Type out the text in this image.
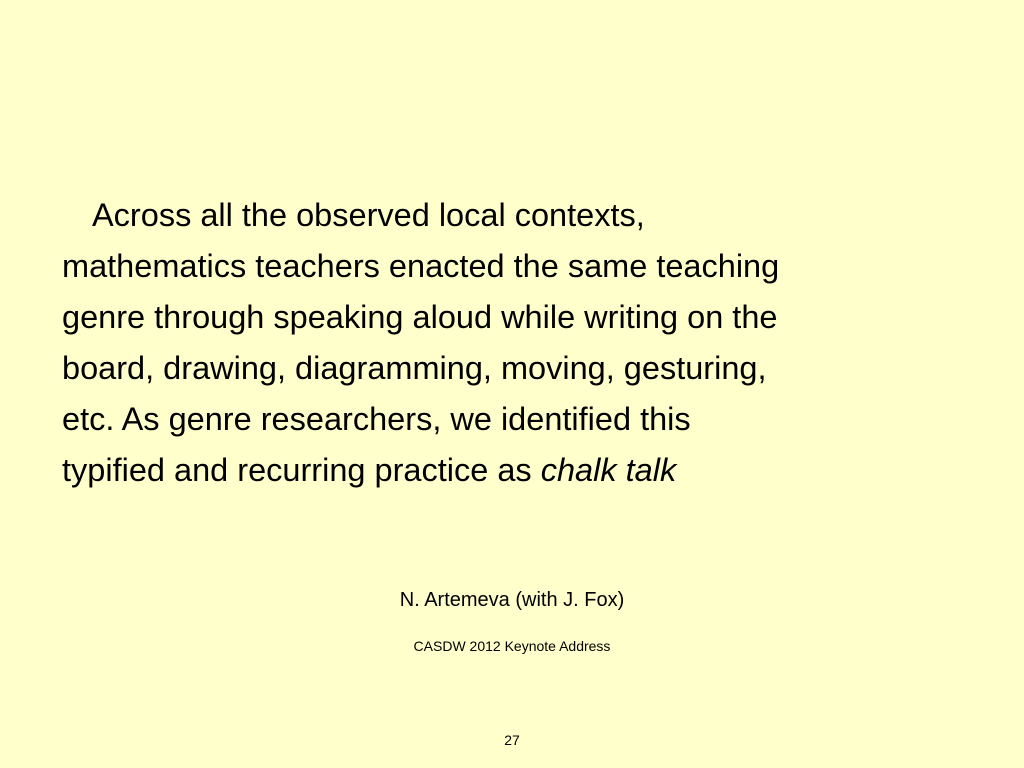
Across all the observed local contexts,
mathematics teachers enacted the same teaching
genre through speaking aloud while writing on the
board, drawing, diagramming, moving, gesturing,
etc. As genre researchers, we identified this
typified and recurring practice as chalk talk

N. Artemeva (with J. Fox)

CASDW 2012 Keynote Address

27
